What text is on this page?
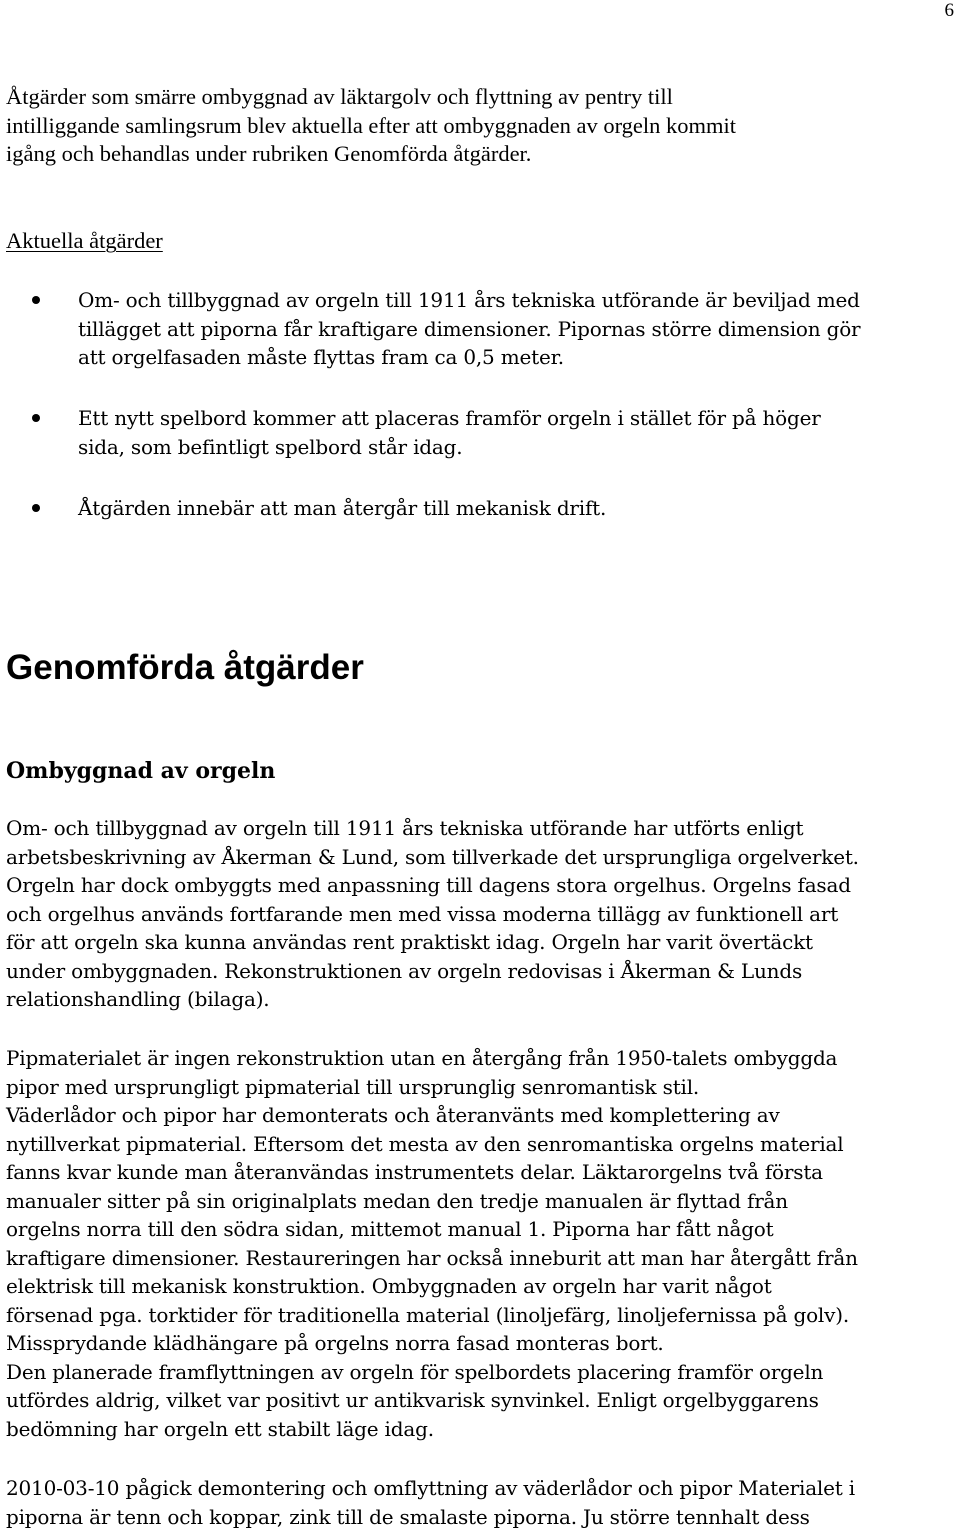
6
Åtgärder som smärre ombyggnad av läktargolv och flyttning av pentry till
intilliggande samlingsrum blev aktuella efter att ombyggnaden av orgeln kommit
igång och behandlas under rubriken Genomförda åtgärder.
Aktuella åtgärder
Om- och tillbyggnad av orgeln till 1911 års tekniska utförande är beviljad med
tillägget att piporna får kraftigare dimensioner. Pipornas större dimension gör
att orgelfasaden måste flyttas fram ca 0,5 meter.
Ett nytt spelbord kommer att placeras framför orgeln i stället för på höger
sida, som befintligt spelbord står idag.
Åtgärden innebär att man återgår till mekanisk drift.
Genomförda åtgärder
Ombyggnad av orgeln
Om- och tillbyggnad av orgeln till 1911 års tekniska utförande har utförts enligt
arbetsbeskrivning av Åkerman & Lund, som tillverkade det ursprungliga orgelverket.
Orgeln har dock ombyggts med anpassning till dagens stora orgelhus. Orgelns fasad
och orgelhus används fortfarande men med vissa moderna tillägg av funktionell art
för att orgeln ska kunna användas rent praktiskt idag. Orgeln har varit övertäckt
under ombyggnaden. Rekonstruktionen av orgeln redovisas i Åkerman & Lunds
relationshandling (bilaga).
Pipmaterialet är ingen rekonstruktion utan en återgång från 1950-talets ombyggda
pipor med ursprungligt pipmaterial till ursprunglig senromantisk stil.
Väderlådor och pipor har demonterats och återanvänts med komplettering av
nytillverkat pipmaterial. Eftersom det mesta av den senromantiska orgelns material
fanns kvar kunde man återanvändas instrumentets delar. Läktarorgelns två första
manualer sitter på sin originalplats medan den tredje manualen är flyttad från
orgelns norra till den södra sidan, mittemot manual 1. Piporna har fått något
kraftigare dimensioner. Restaureringen har också inneburit att man har återgått från
elektrisk till mekanisk konstruktion. Ombyggnaden av orgeln har varit något
försenad pga. torktider för traditionella material (linoljefärg, linoljefernissa på golv).
Missprydande klädhängare på orgelns norra fasad monteras bort.
Den planerade framflyttningen av orgeln för spelbordets placering framför orgeln
utfördes aldrig, vilket var positivt ur antikvarisk synvinkel. Enligt orgelbyggarens
bedömning har orgeln ett stabilt läge idag.
2010-03-10 pågick demontering och omflyttning av väderlådor och pipor Materialet i
piporna är tenn och koppar, zink till de smalaste piporna. Ju större tennhalt dess
